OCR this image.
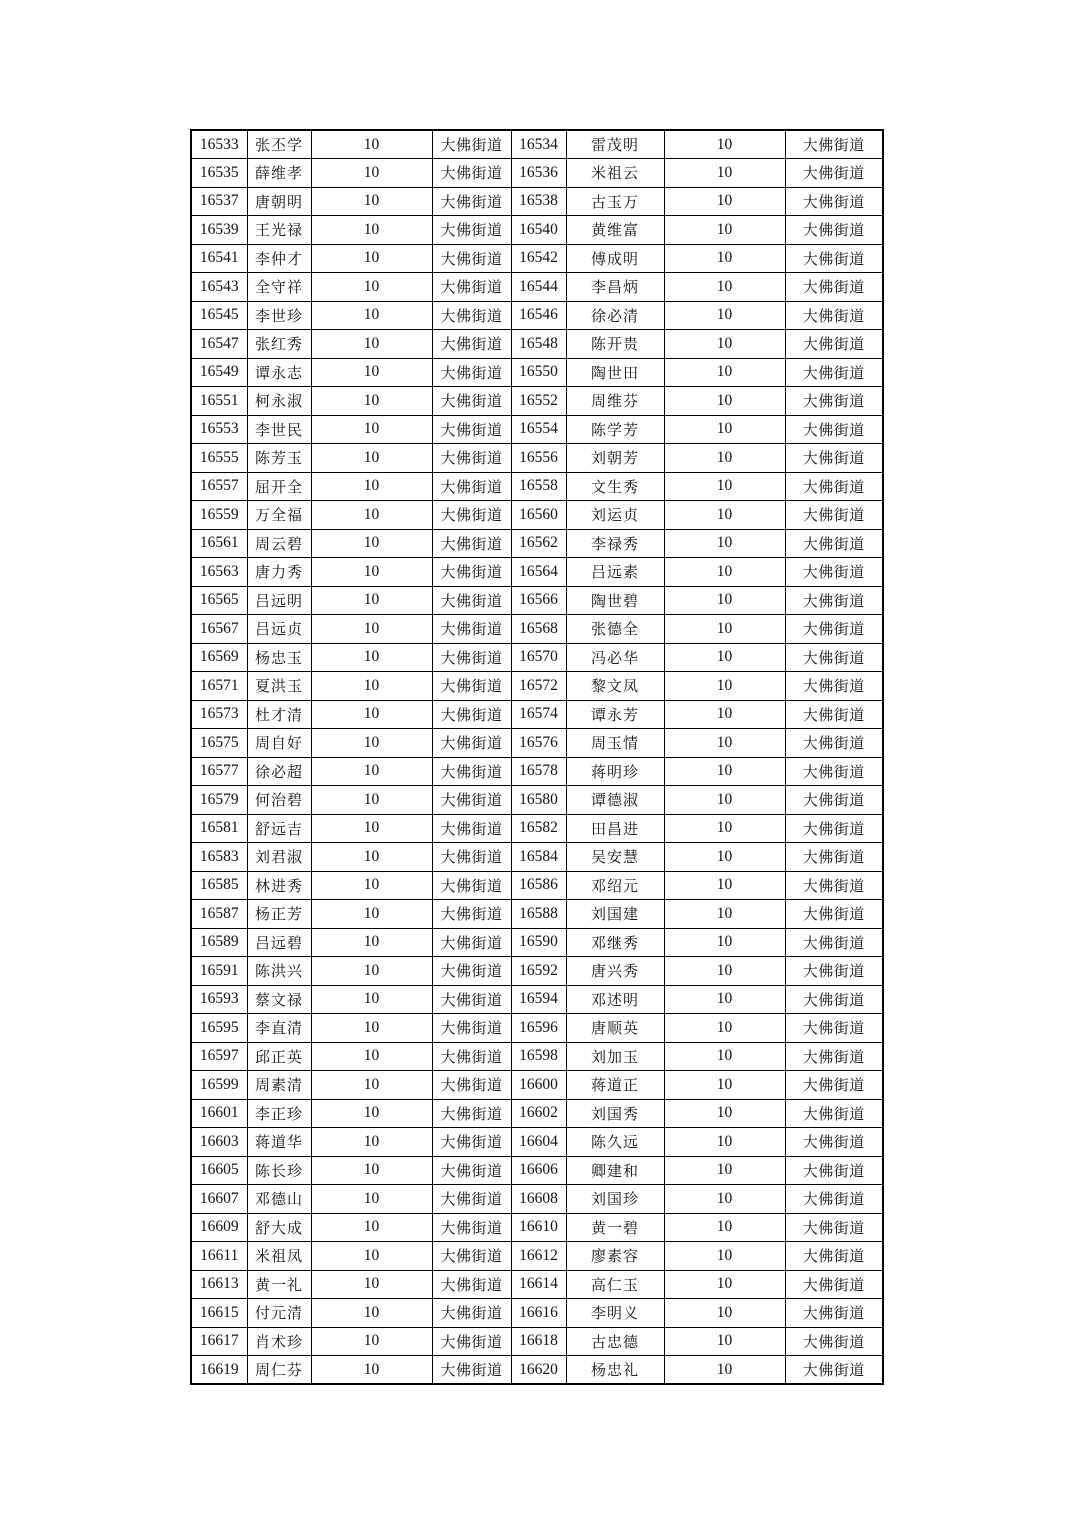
16533	张丕学	10	大佛街道	16534	雷茂明	10	大佛街道
16535	薛维孝	10	大佛街道	16536	米祖云	10	大佛街道
16537	唐朝明	10	大佛街道	16538	古玉万	10	大佛街道
16539	王光禄	10	大佛街道	16540	黄维富	10	大佛街道
16541	李仲才	10	大佛街道	16542	傅成明	10	大佛街道
16543	全守祥	10	大佛街道	16544	李昌炳	10	大佛街道
16545	李世珍	10	大佛街道	16546	徐必清	10	大佛街道
16547	张红秀	10	大佛街道	16548	陈开贵	10	大佛街道
16549	谭永志	10	大佛街道	16550	陶世田	10	大佛街道
16551	柯永淑	10	大佛街道	16552	周维芬	10	大佛街道
16553	李世民	10	大佛街道	16554	陈学芳	10	大佛街道
16555	陈芳玉	10	大佛街道	16556	刘朝芳	10	大佛街道
16557	屈开全	10	大佛街道	16558	文生秀	10	大佛街道
16559	万全福	10	大佛街道	16560	刘运贞	10	大佛街道
16561	周云碧	10	大佛街道	16562	李禄秀	10	大佛街道
16563	唐力秀	10	大佛街道	16564	吕远素	10	大佛街道
16565	吕远明	10	大佛街道	16566	陶世碧	10	大佛街道
16567	吕远贞	10	大佛街道	16568	张德全	10	大佛街道
16569	杨忠玉	10	大佛街道	16570	冯必华	10	大佛街道
16571	夏洪玉	10	大佛街道	16572	黎文凤	10	大佛街道
16573	杜才清	10	大佛街道	16574	谭永芳	10	大佛街道
16575	周自好	10	大佛街道	16576	周玉情	10	大佛街道
16577	徐必超	10	大佛街道	16578	蒋明珍	10	大佛街道
16579	何治碧	10	大佛街道	16580	谭德淑	10	大佛街道
16581	舒远吉	10	大佛街道	16582	田昌进	10	大佛街道
16583	刘君淑	10	大佛街道	16584	吴安慧	10	大佛街道
16585	林进秀	10	大佛街道	16586	邓绍元	10	大佛街道
16587	杨正芳	10	大佛街道	16588	刘国建	10	大佛街道
16589	吕远碧	10	大佛街道	16590	邓继秀	10	大佛街道
16591	陈洪兴	10	大佛街道	16592	唐兴秀	10	大佛街道
16593	蔡文禄	10	大佛街道	16594	邓述明	10	大佛街道
16595	李直清	10	大佛街道	16596	唐顺英	10	大佛街道
16597	邱正英	10	大佛街道	16598	刘加玉	10	大佛街道
16599	周素清	10	大佛街道	16600	蒋道正	10	大佛街道
16601	李正珍	10	大佛街道	16602	刘国秀	10	大佛街道
16603	蒋道华	10	大佛街道	16604	陈久远	10	大佛街道
16605	陈长珍	10	大佛街道	16606	卿建和	10	大佛街道
16607	邓德山	10	大佛街道	16608	刘国珍	10	大佛街道
16609	舒大成	10	大佛街道	16610	黄一碧	10	大佛街道
16611	米祖凤	10	大佛街道	16612	廖素容	10	大佛街道
16613	黄一礼	10	大佛街道	16614	高仁玉	10	大佛街道
16615	付元清	10	大佛街道	16616	李明义	10	大佛街道
16617	肖术珍	10	大佛街道	16618	古忠德	10	大佛街道
16619	周仁芬	10	大佛街道	16620	杨忠礼	10	大佛街道
